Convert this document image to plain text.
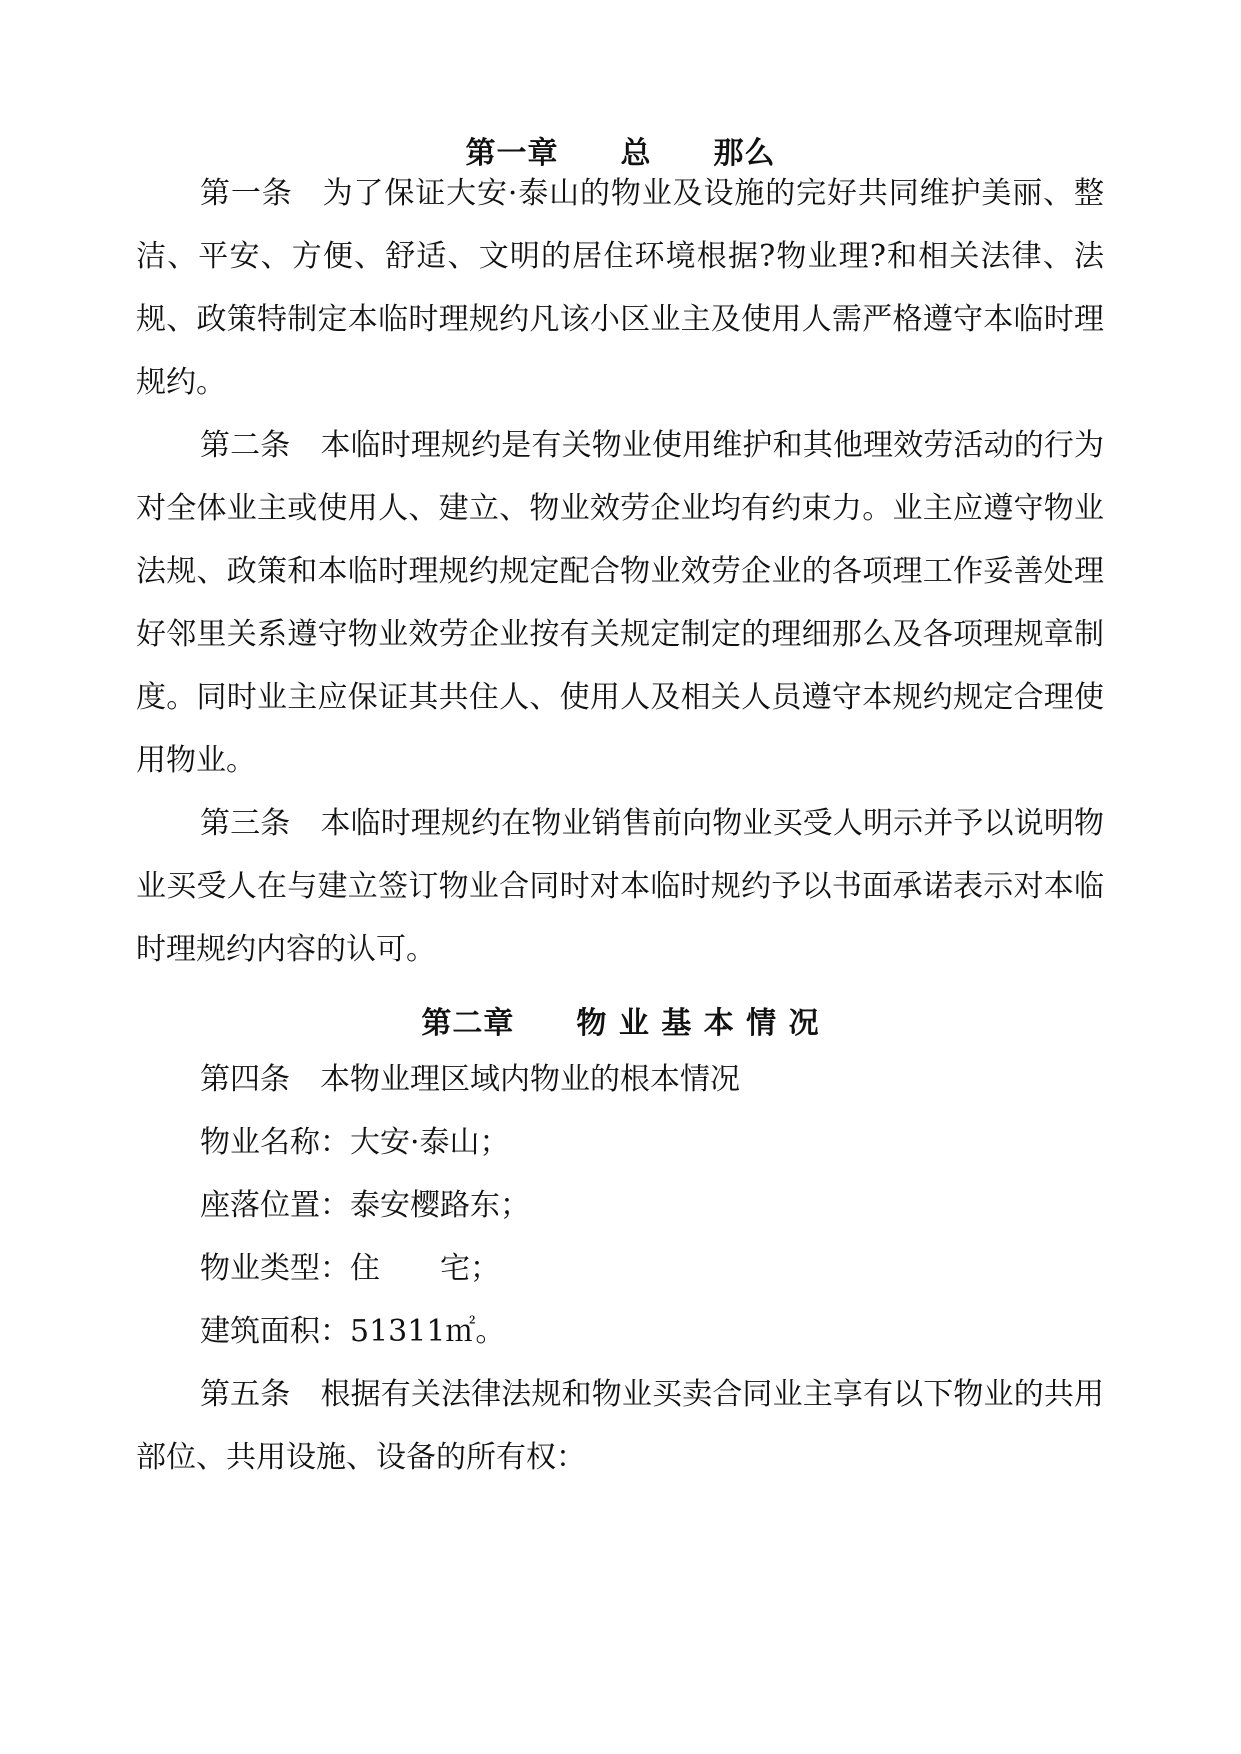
第一章　　总　　那么

第一条 为了保证大安·泰山的物业及设施的完好共同维护美丽、整洁、平安、方便、舒适、文明的居住环境根据?物业理?和相关法律、法规、政策特制定本临时理规约凡该小区业主及使用人需严格遵守本临时理规约。

第二条 本临时理规约是有关物业使用维护和其他理效劳活动的行为对全体业主或使用人、建立、物业效劳企业均有约束力。业主应遵守物业法规、政策和本临时理规约规定配合物业效劳企业的各项理工作妥善处理好邻里关系遵守物业效劳企业按有关规定制定的理细那么及各项理规章制度。同时业主应保证其共住人、使用人及相关人员遵守本规约规定合理使用物业。

第三条 本临时理规约在物业销售前向物业买受人明示并予以说明物业买受人在与建立签订物业合同时对本临时规约予以书面承诺表示对本临时理规约内容的认可。

第二章　　物 业 基 本 情 况

第四条 本物业理区域内物业的根本情况

物业名称：大安·泰山；

座落位置：泰安樱路东；

物业类型：住　　宅；

建筑面积：51311㎡。

第五条 根据有关法律法规和物业买卖合同业主享有以下物业的共用部位、共用设施、设备的所有权：
